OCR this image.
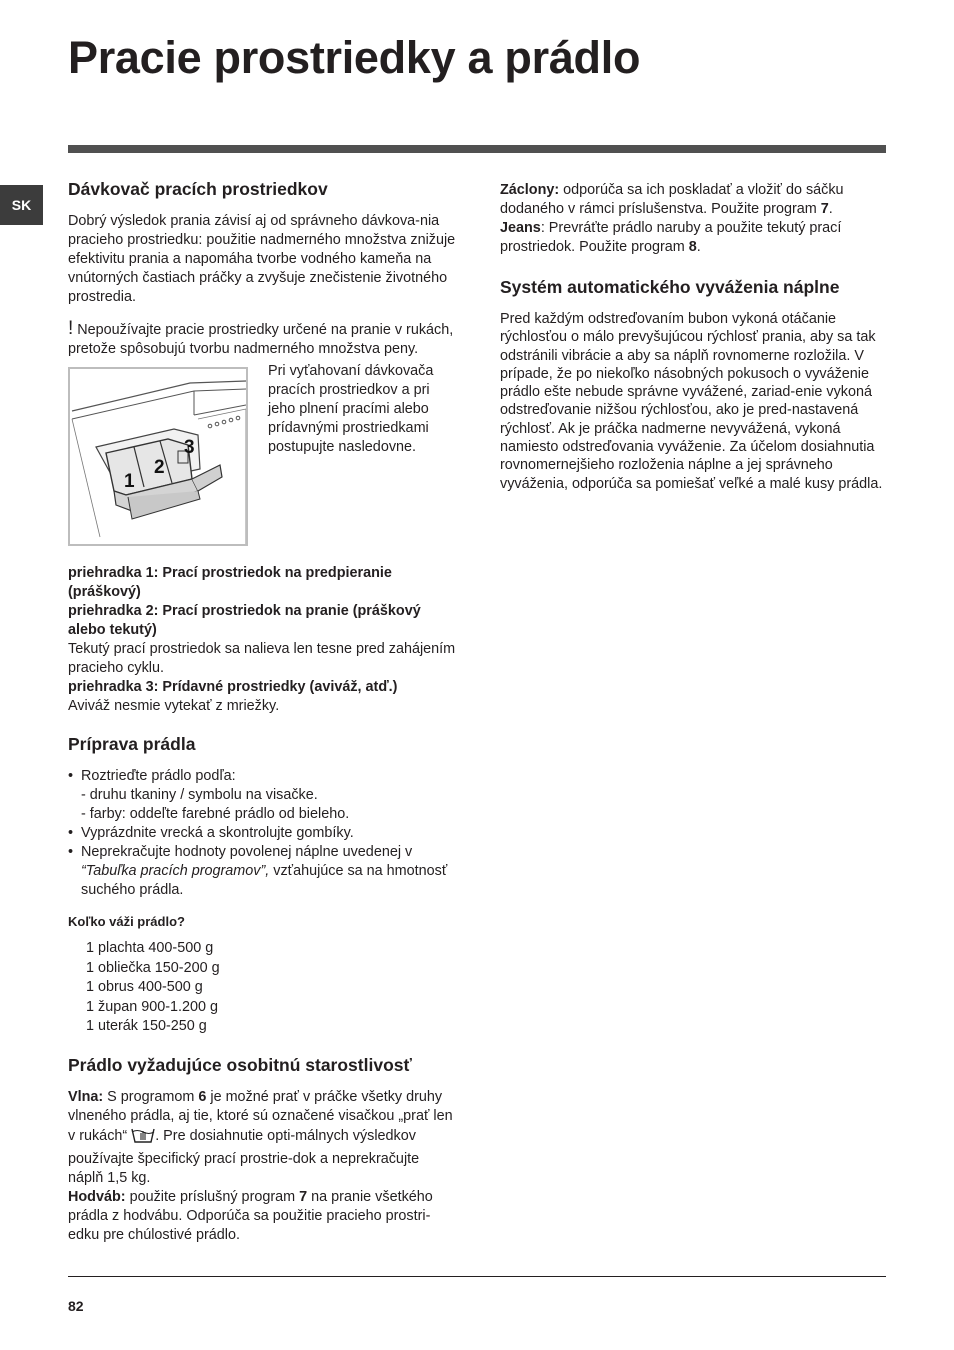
Pracie prostriedky a prádlo
SK
Dávkovač pracích prostriedkov

Dobrý výsledok prania závisí aj od správneho dávkova-nia pracieho prostriedku: použitie nadmerného množstva znižuje efektivitu prania a napomáha tvorbe vodného kameňa na vnútorných častiach práčky a zvyšuje znečistenie životného prostredia.

! Nepoužívajte pracie prostriedky určené na pranie v rukách, pretože spôsobujú tvorbu nadmerného množstva peny.

1
2
3

Pri vyťahovaní dávkovača pracích prostriedkov a pri jeho plnení pracími alebo prídavnými prostriedkami postupujte nasledovne.

priehradka 1: Prací prostriedok na predpieranie (práškový)

priehradka 2: Prací prostriedok na pranie (práškový alebo tekutý)

Tekutý prací prostriedok sa nalieva len tesne pred zahájením pracieho cyklu.

priehradka 3: Prídavné prostriedky (aviváž, atď.)

Aviváž nesmie vytekať z mriežky.

Príprava prádla
• Roztrieďte prádlo podľa:
- druhu tkaniny / symbolu na visačke.
- farby: oddeľte farebné prádlo od bieleho.
• Vyprázdnite vrecká a skontrolujte gombíky.
• Neprekračujte hodnoty povolenej náplne uvedenej v “Tabuľka pracích programov”, vzťahujúce sa na hmotnosť suchého prádla.

Koľko váži prádlo?

1 plachta 400-500 g

1 obliečka 150-200 g

1 obrus 400-500 g

1 župan 900-1.200 g

1 uterák 150-250 g

Prádlo vyžadujúce osobitnú starostlivosť

Vlna: S programom 6 je možné prať v práčke všetky druhy vlneného prádla, aj tie, ktoré sú označené visačkou „prať len v rukách“ . Pre dosiahnutie opti-málnych výsledkov používajte špecifický prací prostrie-dok a neprekračujte náplň 1,5 kg.

Hodváb: použite príslušný program 7 na pranie všetkého prádla z hodvábu. Odporúča sa použitie pracieho prostri-edku pre chúlostivé prádlo.

Záclony: odporúča sa ich poskladať a vložiť do sáčku dodaného v rámci príslušenstva. Použite program 7.

Jeans: Prevráťte prádlo naruby a použite tekutý prací prostriedok. Použite program 8.

Systém automatického vyváženia náplne

Pred každým odstreďovaním bubon vykoná otáčanie rýchlosťou o málo prevyšujúcou rýchlosť prania, aby sa tak odstránili vibrácie a aby sa náplň rovnomerne rozložila. V prípade, že po niekoľko násobných pokusoch o vyváženie prádlo ešte nebude správne vyvážené, zariad-enie vykoná odstreďovanie nižšou rýchlosťou, ako je pred-nastavená rýchlosť. Ak je práčka nadmerne nevyvážená, vykoná namiesto odstreďovania vyváženie. Za účelom dosiahnutia rovnomernejšieho rozloženia náplne a jej správneho vyváženia, odporúča sa pomiešať veľké a malé kusy prádla.

82
